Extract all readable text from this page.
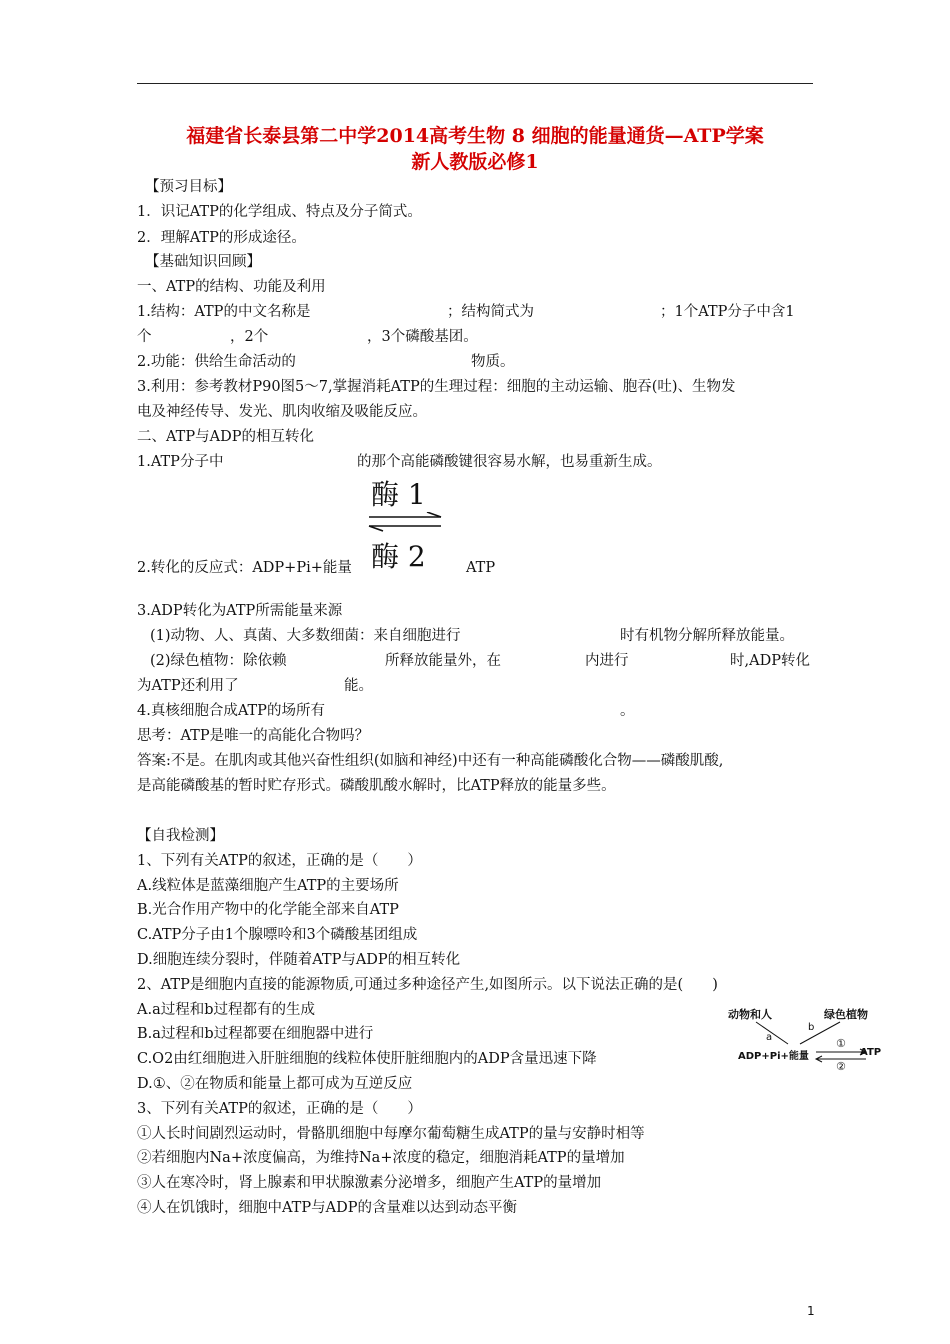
福建省长泰县第二中学2014高考生物 8 细胞的能量通货—ATP学案
新人教版必修1
【预习目标】
1．识记ATP的化学组成、特点及分子简式。
2．理解ATP的形成途径。
【基础知识回顾】
一、ATP的结构、功能及利用
1.结构：ATP的中文名称是	；结构简式为	；1个ATP分子中含1
个	，2个	，3个磷酸基团。
2.功能：供给生命活动的	物质。
3.利用：参考教材P90图5～7,掌握消耗ATP的生理过程：细胞的主动运输、胞吞(吐)、生物发
电及神经传导、发光、肌肉收缩及吸能反应。
二、ATP与ADP的相互转化
1.ATP分子中	的那个高能磷酸键很容易水解，也易重新生成。
酶 1
酶 2
2.转化的反应式：ADP+Pi+能量	ATP
3.ADP转化为ATP所需能量来源
(1)动物、人、真菌、大多数细菌：来自细胞进行	时有机物分解所释放能量。
(2)绿色植物：除依赖	所释放能量外，在	内进行	时,ADP转化
为ATP还利用了	能。
4.真核细胞合成ATP的场所有	。
思考：ATP是唯一的高能化合物吗？
答案:不是。在肌肉或其他兴奋性组织(如脑和神经)中还有一种高能磷酸化合物——磷酸肌酸,
是高能磷酸基的暂时贮存形式。磷酸肌酸水解时，比ATP释放的能量多些。
【自我检测】
1、下列有关ATP的叙述，正确的是（　　）
A.线粒体是蓝藻细胞产生ATP的主要场所
B.光合作用产物中的化学能全部来自ATP
C.ATP分子由1个腺嘌呤和3个磷酸基团组成
D.细胞连续分裂时，伴随着ATP与ADP的相互转化
2、ATP是细胞内直接的能源物质,可通过多种途径产生,如图所示。以下说法正确的是(　　)
A.a过程和b过程都有的生成
B.a过程和b过程都要在细胞器中进行
C.O2由红细胞进入肝脏细胞的线粒体使肝脏细胞内的ADP含量迅速下降
D.①、②在物质和能量上都可成为互逆反应
3、下列有关ATP的叙述，正确的是（　　）
①人长时间剧烈运动时，骨骼肌细胞中每摩尔葡萄糖生成ATP的量与安静时相等
②若细胞内Na+浓度偏高，为维持Na+浓度的稳定，细胞消耗ATP的量增加
③人在寒冷时，肾上腺素和甲状腺激素分泌增多，细胞产生ATP的量增加
④人在饥饿时，细胞中ATP与ADP的含量难以达到动态平衡
动物和人	绿色植物
a
b
ADP+Pi+能量	ATP
①
②
1
